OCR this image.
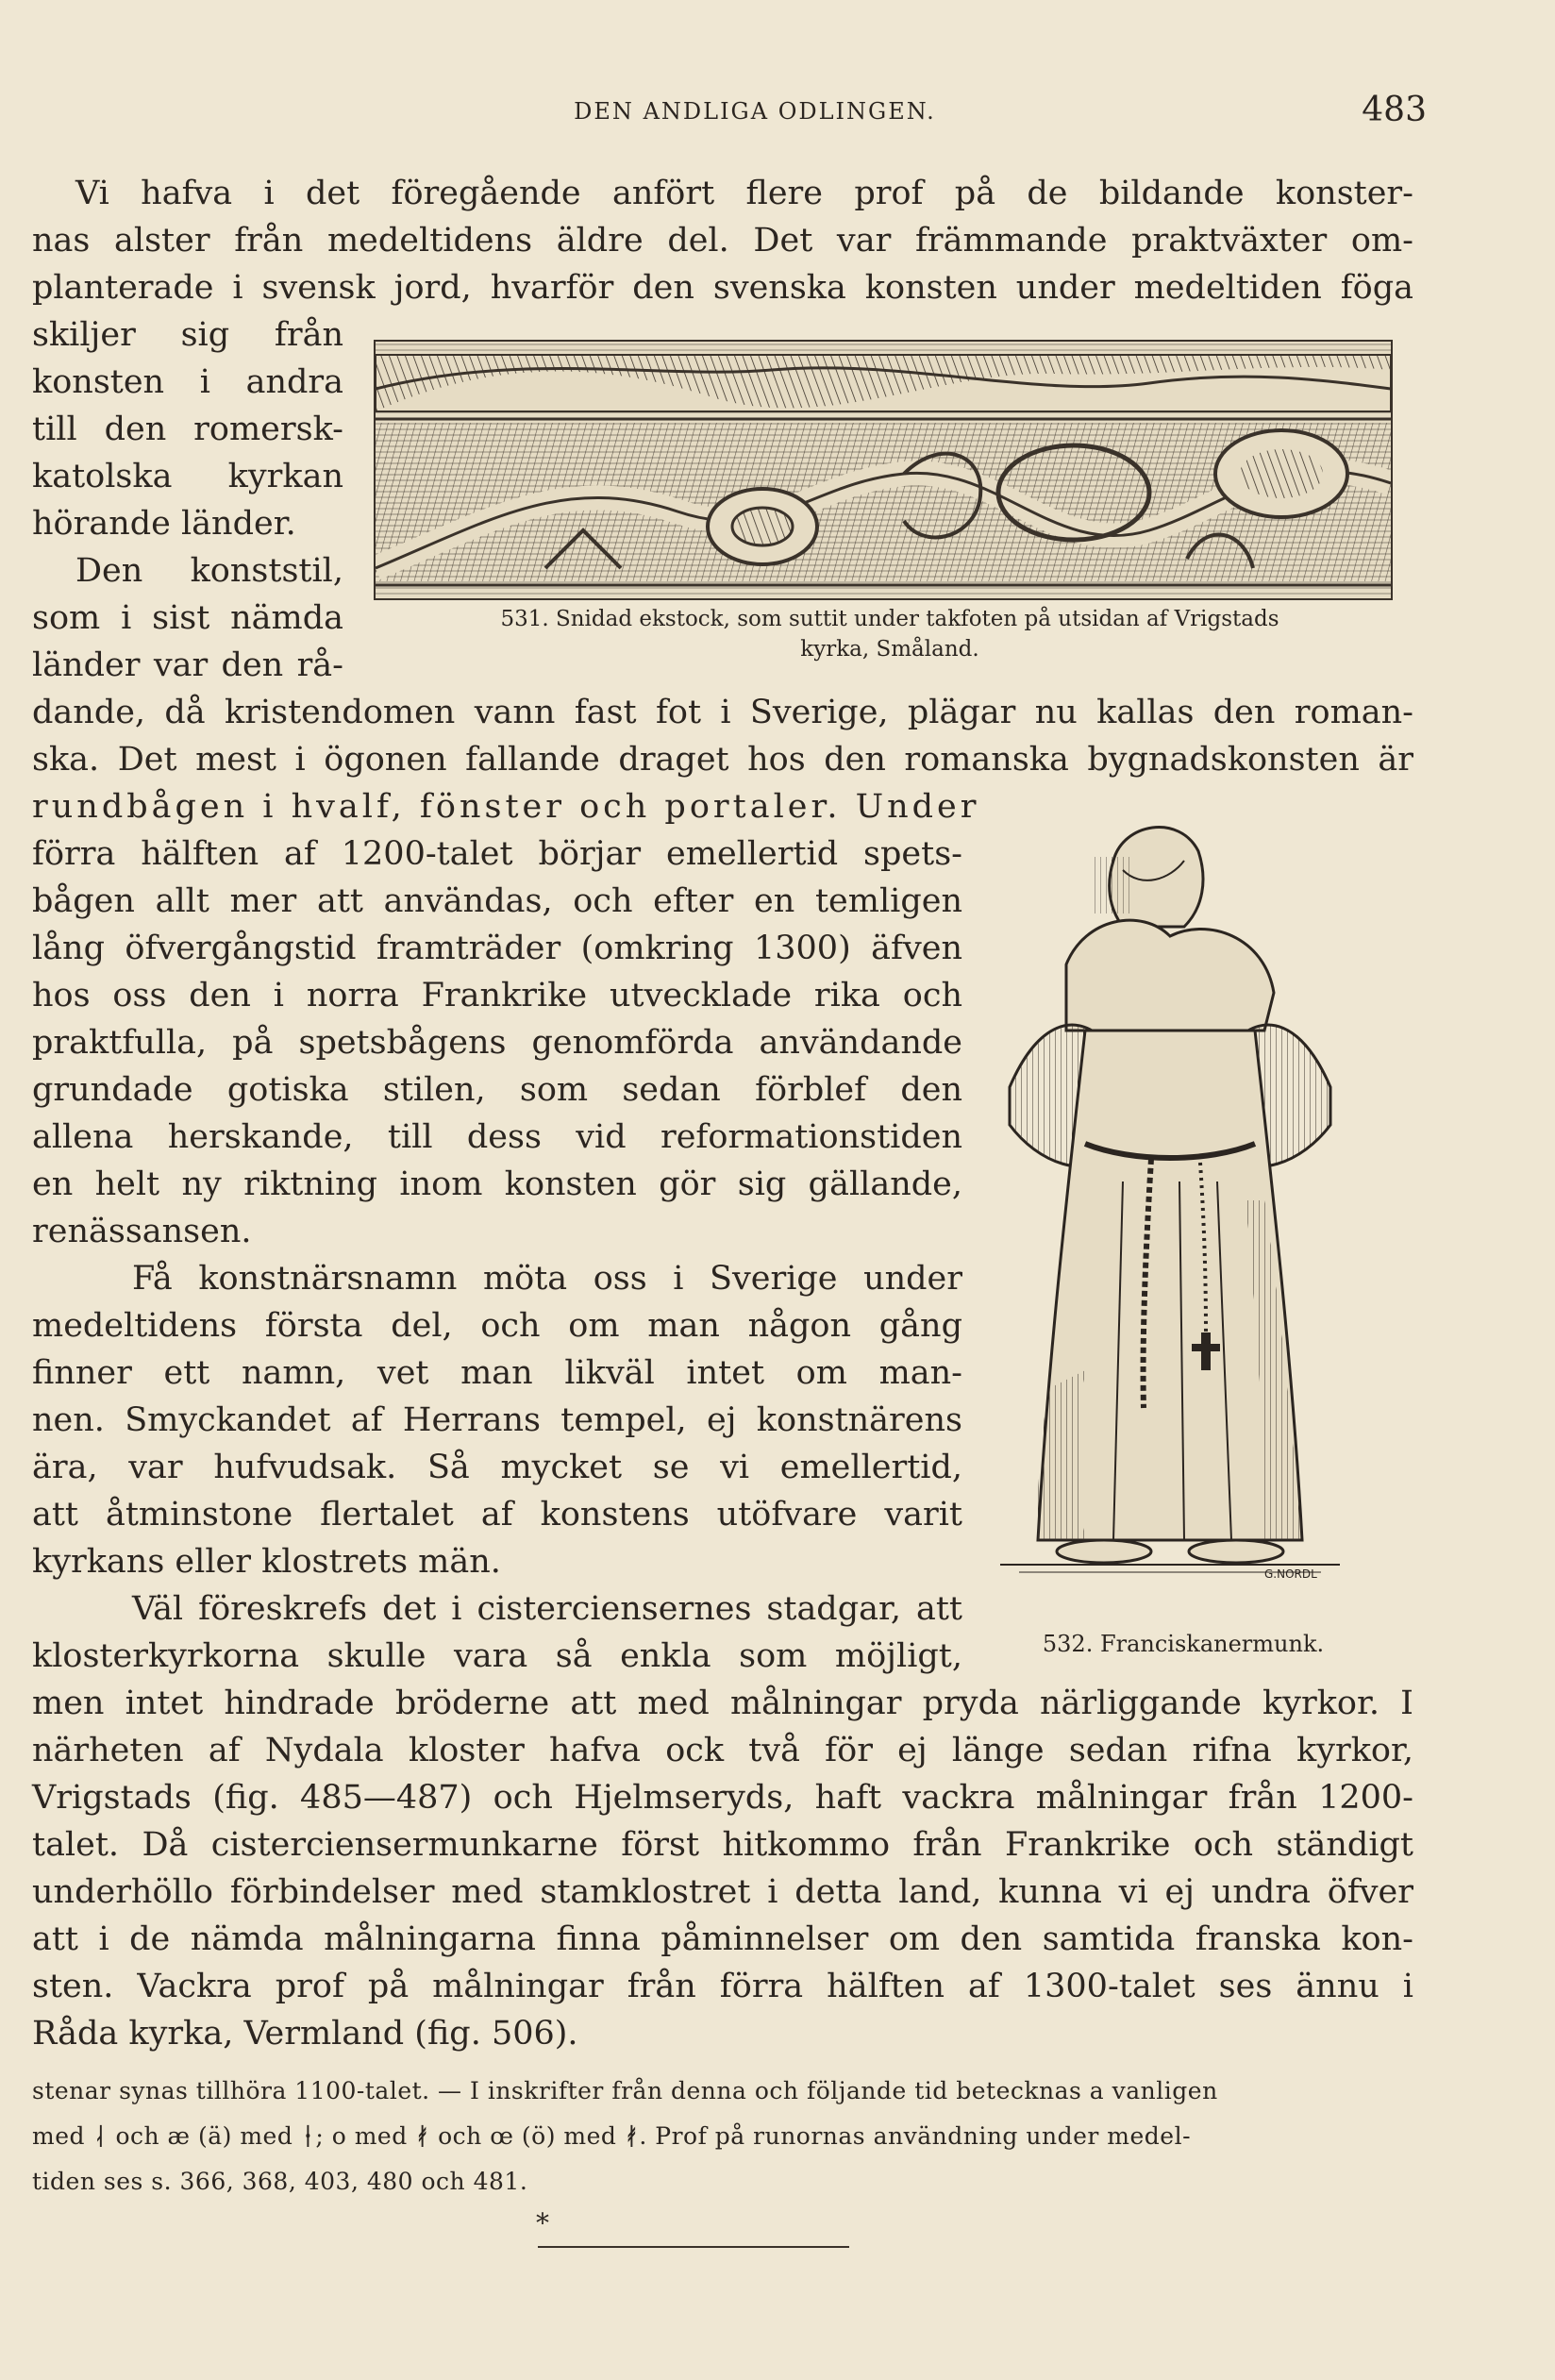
DEN ANDLIGA ODLINGEN.	483
Vi hafva i det föregående anfört flere prof på de bildande konster-
nas alster från medeltidens äldre del. Det var främmande praktväxter om-
planterade i svensk jord, hvarför den svenska konsten under medeltiden föga
skiljer sig från
konsten i andra
till den romersk-
katolska kyrkan
hörande länder.
Den konststil,
som i sist nämda
länder var den rå-
dande, då kristendomen vann fast fot i Sverige, plägar nu kallas den roman-
ska. Det mest i ögonen fallande draget hos den romanska bygnadskonsten är
rundbågen i hvalf, fönster och portaler. Under
förra hälften af 1200-talet börjar emellertid spets-
bågen allt mer att användas, och efter en temligen
lång öfvergångstid framträder (omkring 1300) äfven
hos oss den i norra Frankrike utvecklade rika och
praktfulla, på spetsbågens genomförda användande
grundade gotiska stilen, som sedan förblef den
allena herskande, till dess vid reformationstiden
en helt ny riktning inom konsten gör sig gällande,
renässansen.
Få konstnärsnamn möta oss i Sverige under
medeltidens första del, och om man någon gång
finner ett namn, vet man likväl intet om man-
nen. Smyckandet af Herrans tempel, ej konstnärens
ära, var hufvudsak. Så mycket se vi emellertid,
att åtminstone flertalet af konstens utöfvare varit
kyrkans eller klostrets män.
Väl föreskrefs det i cisterciensernes stadgar, att
klosterkyrkorna skulle vara så enkla som möjligt,
men intet hindrade bröderne att med målningar pryda närliggande kyrkor. I
närheten af Nydala kloster hafva ock två för ej länge sedan rifna kyrkor,
Vrigstads (fig. 485—487) och Hjelmseryds, haft vackra målningar från 1200-
talet. Då cisterciensermunkarne först hitkommo från Frankrike och ständigt
underhöllo förbindelser med stamklostret i detta land, kunna vi ej undra öfver
att i de nämda målningarna finna påminnelser om den samtida franska kon-
sten. Vackra prof på målningar från förra hälften af 1300-talet ses ännu i
Råda kyrka, Vermland (fig. 506).
531. Snidad ekstock, som suttit under takfoten på utsidan af Vrigstads
kyrka, Småland.
G.NORDL
532. Franciskanermunk.
stenar synas tillhöra 1100-talet. — I inskrifter från denna och följande tid betecknas a vanligen
med ᛆ och æ (ä) med ᛂ; o med ᚯ och œ (ö) med ᚯ. Prof på runornas användning under medel-
tiden ses s. 366, 368, 403, 480 och 481.
⁎
